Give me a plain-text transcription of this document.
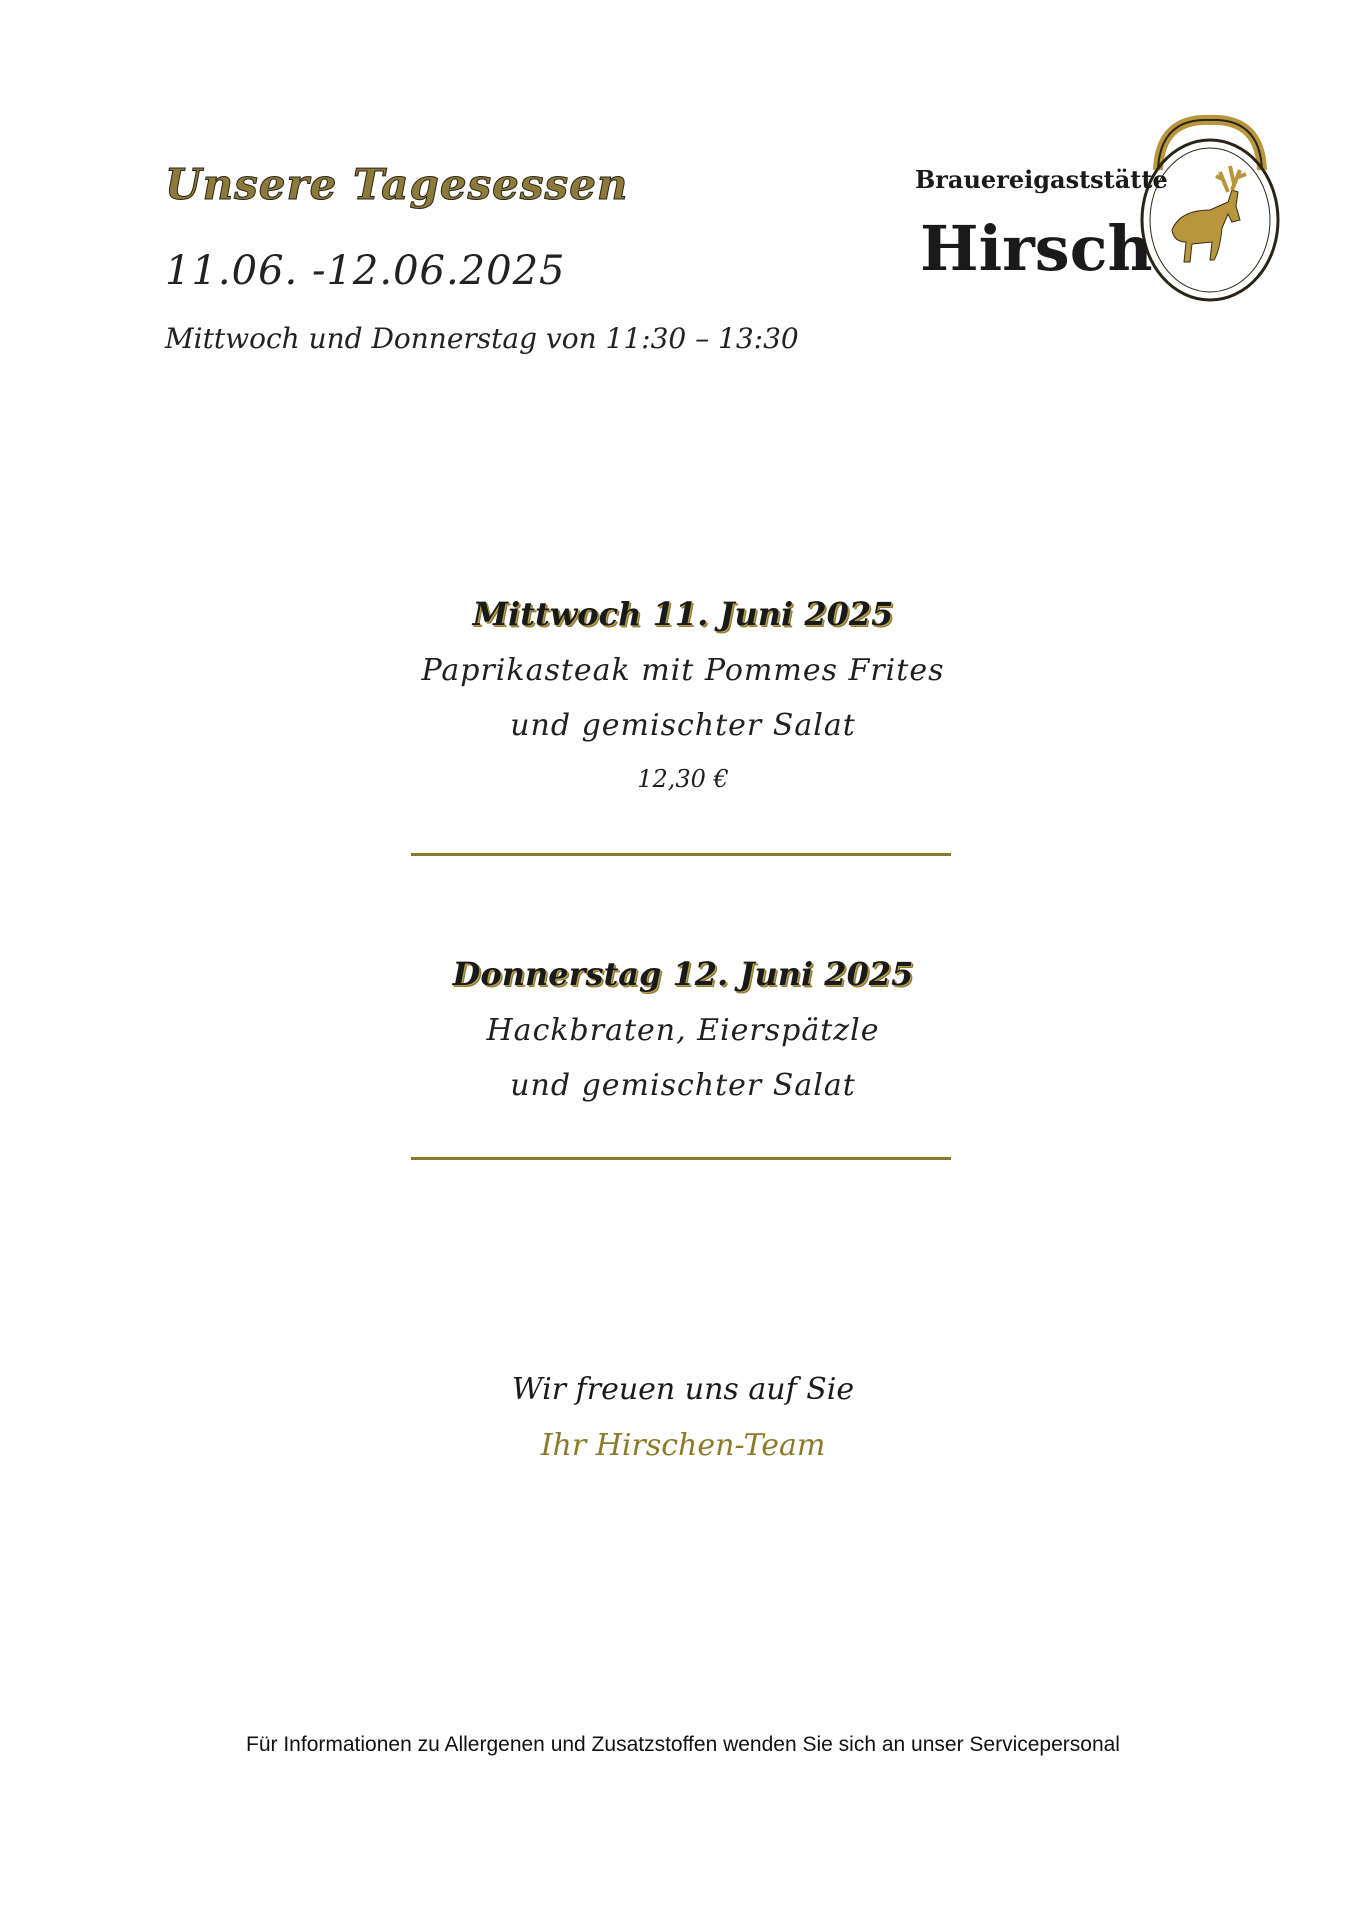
Unsere Tagesessen
11.06. -12.06.2025
Mittwoch und Donnerstag von 11:30 – 13:30
Brauereigaststätte
Hirsch
Mittwoch 11. Juni 2025
Paprikasteak mit Pommes Frites
und gemischter Salat
12,30 €
Donnerstag 12. Juni 2025
Hackbraten, Eierspätzle
und gemischter Salat
Wir freuen uns auf Sie
Ihr Hirschen-Team
Für Informationen zu Allergenen und Zusatzstoffen wenden Sie sich an unser Servicepersonal
